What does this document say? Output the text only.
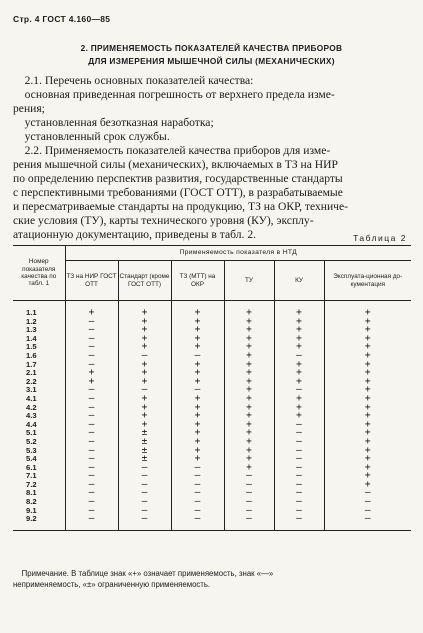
Стр. 4 ГОСТ 4.160—85
2. ПРИМЕНЯЕМОСТЬ ПОКАЗАТЕЛЕЙ КАЧЕСТВА ПРИБОРОВ
ДЛЯ ИЗМЕРЕНИЯ МЫШЕЧНОЙ СИЛЫ (МЕХАНИЧЕСКИХ)
2.1. Перечень основных показателей качества:
основная приведенная погрешность от верхнего предела изме-
рения;
установленная безотказная наработка;
установленный срок службы.
2.2. Применяемость показателей качества приборов для изме-
рения мышечной силы (механических), включаемых в ТЗ на НИР
по определению перспектив развития, государственные стандарты
с перспективными требованиями (ГОСТ ОТТ), в разрабатываемые
и пересматриваемые стандарты на продукцию, ТЗ на ОКР, техниче-
ские условия (ТУ), карты технического уровня (КУ), эксплу-
атационную документацию, приведены в табл. 2.	Таблица 2
Номер показателя качества по табл. 1	Применяемость показателя в НТД					
	ТЗ на НИР ГОСТ ОТТ	Стандарт (кроме ГОСТ ОТТ)	ТЗ (МТТ) на ОКР	ТУ	КУ	Эксплуата-ционная до-кументация
1.1	+	+	+	+	+	+
1.2	—	+	+	+	+	+
1.3	—	+	+	+	+	+
1.4	—	+	+	+	+	+
1.5	—	+	+	+	+	+
1.6	—	—	—	+	—	+
1.7	—	+	+	+	+	+
2.1	+	+	+	+	+	+
2.2	+	+	+	+	+	+
3.1	—	—	—	+	—	+
4.1	—	+	+	+	+	+
4.2	—	+	+	+	+	+
4.3	—	+	+	+	+	+
4.4	—	+	+	+	—	+
5.1	—	±	+	+	—	+
5.2	—	±	+	+	—	+
5.3	—	±	+	+	—	+
5.4	—	±	+	+	—	+
6.1	—	—	—	+	—	+
7.1	—	—	—	—	—	+
7.2	—	—	—	—	—	+
8.1	—	—	—	—	—	—
8.2	—	—	—	—	—	—
9.1	—	—	—	—	—	—
9.2	—	—	—	—	—	—
Примечание. В таблице знак «+» означает применяемость, знак «—»
неприменяемость, «±» ограниченную применяемость.
